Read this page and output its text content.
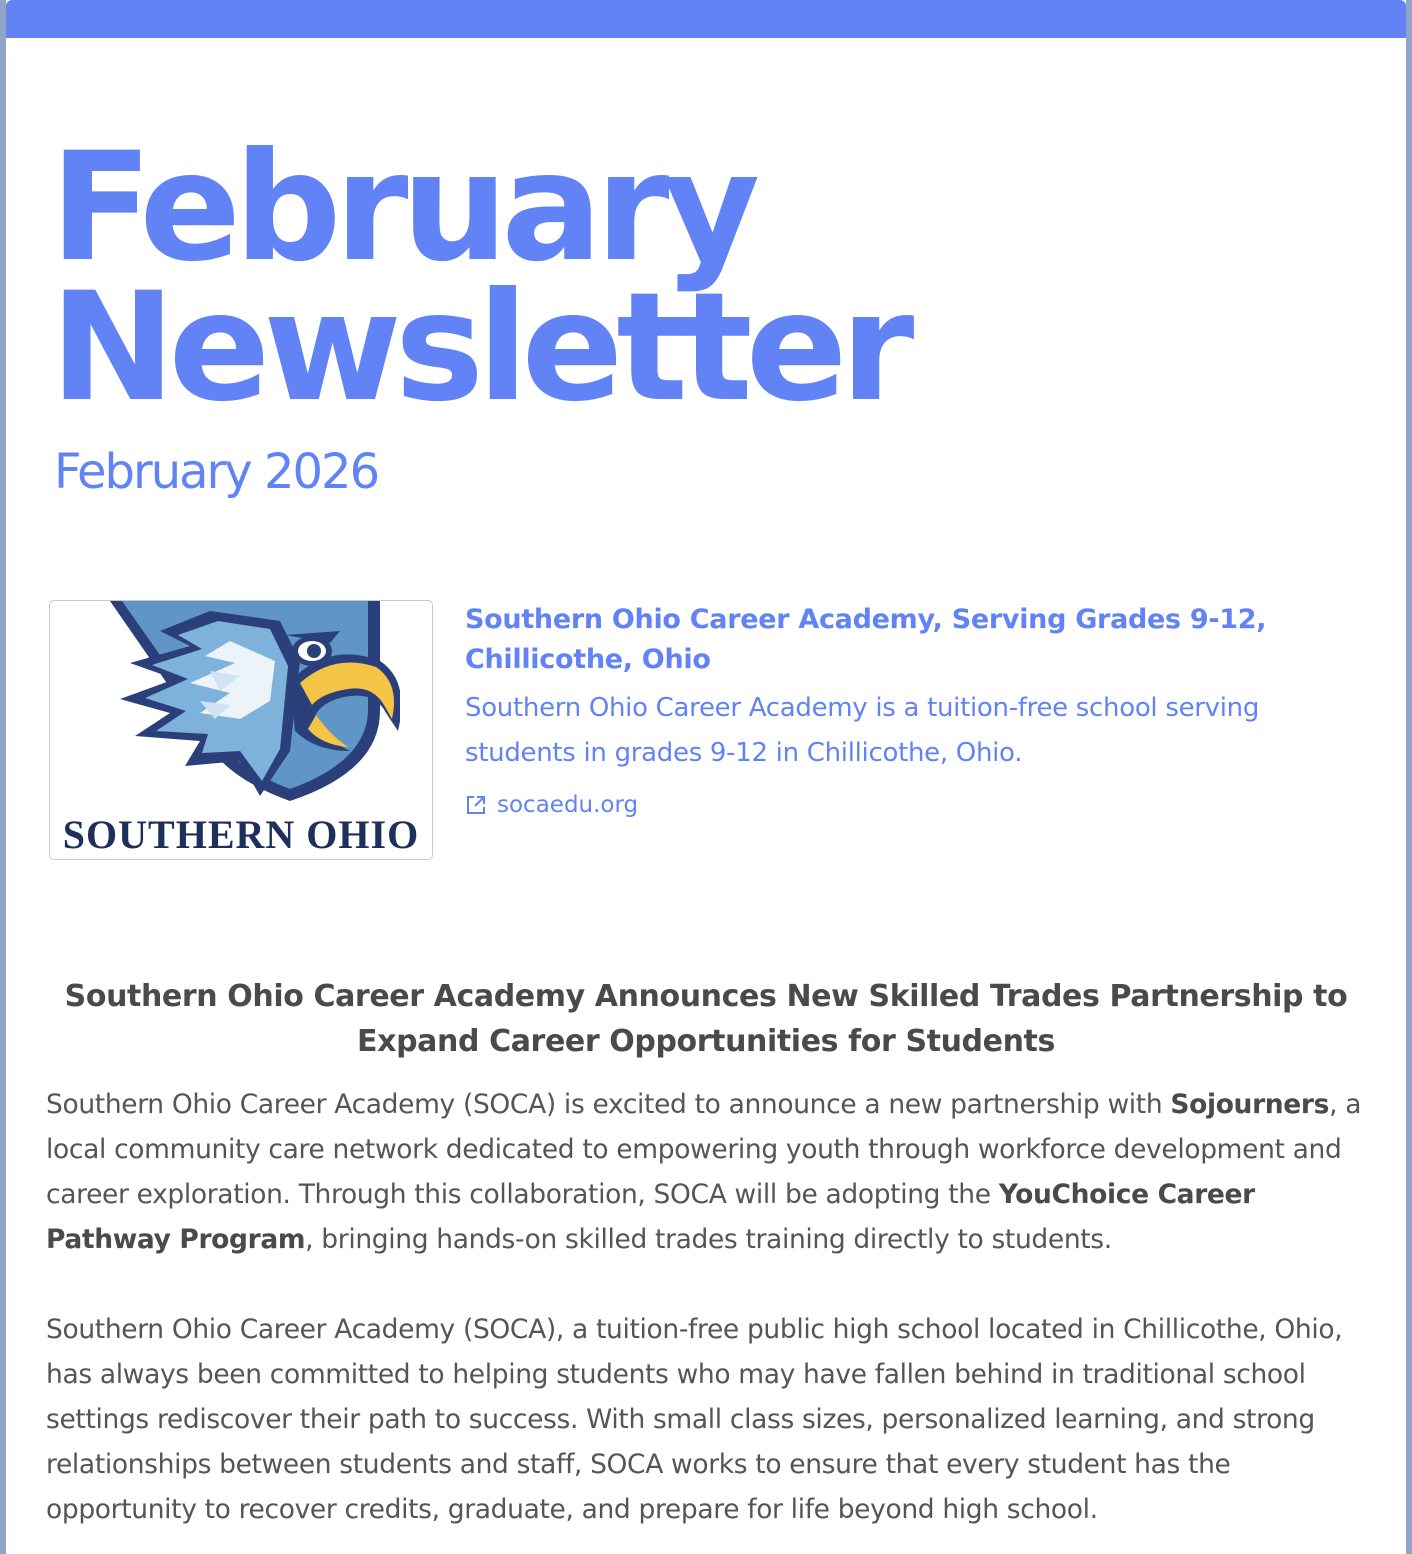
February
Newsletter
February 2026
SOUTHERN OHIO
Southern Ohio Career Academy, Serving Grades 9-12, Chillicothe, Ohio

Southern Ohio Career Academy is a tuition-free school serving students in grades 9-12 in Chillicothe, Ohio.

socaedu.org
Southern Ohio Career Academy Announces New Skilled Trades Partnership to Expand Career Opportunities for Students

Southern Ohio Career Academy (SOCA) is excited to announce a new partnership with Sojourners, a local community care network dedicated to empowering youth through workforce development and career exploration. Through this collaboration, SOCA will be adopting the YouChoice Career Pathway Program, bringing hands-on skilled trades training directly to students.

Southern Ohio Career Academy (SOCA), a tuition-free public high school located in Chillicothe, Ohio, has always been committed to helping students who may have fallen behind in traditional school settings rediscover their path to success. With small class sizes, personalized learning, and strong relationships between students and staff, SOCA works to ensure that every student has the opportunity to recover credits, graduate, and prepare for life beyond high school.
